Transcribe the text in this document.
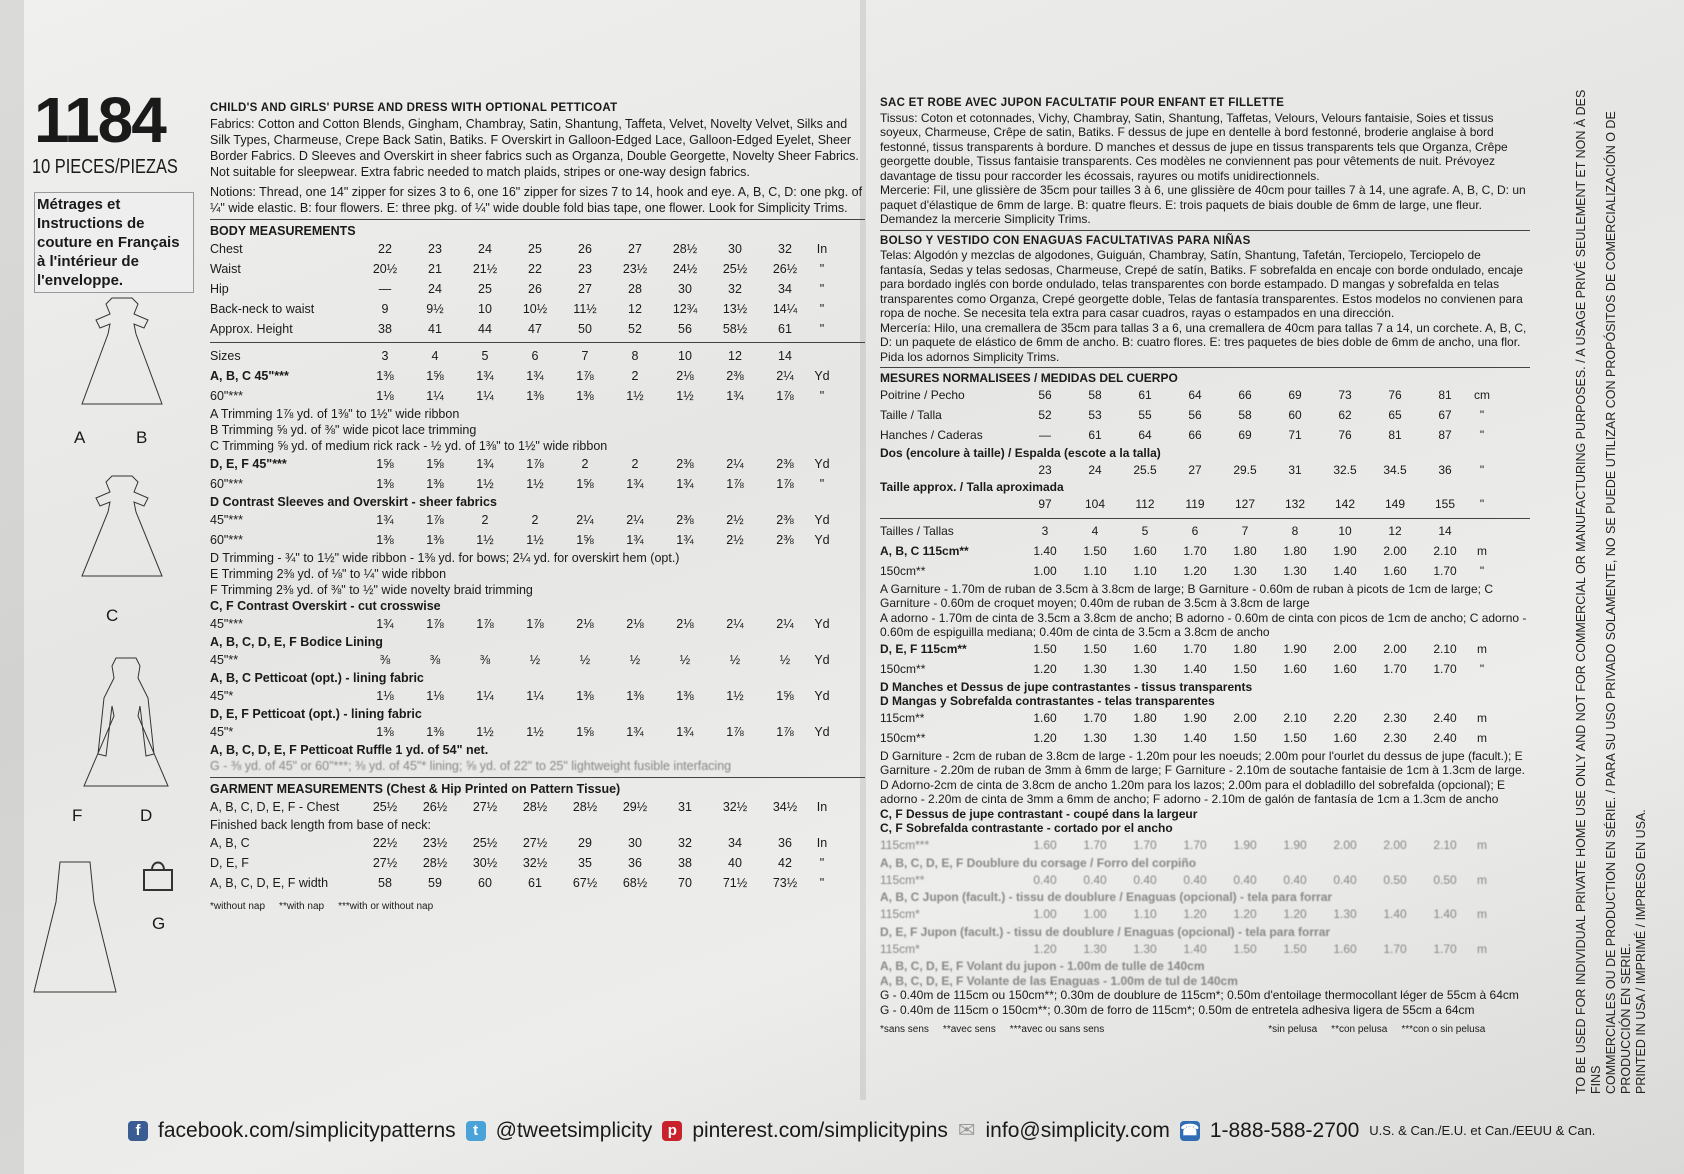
1184
10 PIECES/PIEZAS
Métrages et Instructions de couture en Français à l'intérieur de l'enveloppe.
A	B
C
F	D
G
CHILD'S AND GIRLS' PURSE AND DRESS WITH OPTIONAL PETTICOAT
Fabrics: Cotton and Cotton Blends, Gingham, Chambray, Satin, Shantung, Taffeta, Velvet, Novelty Velvet, Silks and Silk Types, Charmeuse, Crepe Back Satin, Batiks. F Overskirt in Galloon-Edged Lace, Galloon-Edged Eyelet, Sheer Border Fabrics. D Sleeves and Overskirt in sheer fabrics such as Organza, Double Georgette, Novelty Sheer Fabrics. Not suitable for sleepwear. Extra fabric needed to match plaids, stripes or one-way design fabrics.
Notions: Thread, one 14" zipper for sizes 3 to 6, one 16" zipper for sizes 7 to 14, hook and eye. A, B, C, D: one pkg. of ¼" wide elastic. B: four flowers. E: three pkg. of ¼" wide double fold bias tape, one flower. Look for Simplicity Trims.
BODY MEASUREMENTS
Chest	22	23	24	25	26	27	28½	30	32	In
Waist	20½	21	21½	22	23	23½	24½	25½	26½	"
Hip	—	24	25	26	27	28	30	32	34	"
Back-neck to waist	9	9½	10	10½	11½	12	12¾	13½	14¼	"
Approx. Height	38	41	44	47	50	52	56	58½	61	"
Sizes	3	4	5	6	7	8	10	12	14
A, B, C 45"***	1⅜	1⅝	1¾	1¾	1⅞	2	2⅛	2⅜	2¼	Yd
60"***	1⅛	1¼	1¼	1⅜	1⅜	1½	1½	1¾	1⅞	"
A Trimming 1⅞ yd. of 1⅜" to 1½" wide ribbon
B Trimming ⅝ yd. of ⅜" wide picot lace trimming
C Trimming ⅝ yd. of medium rick rack - ½ yd. of 1⅜" to 1½" wide ribbon
D, E, F 45"***	1⅝	1⅝	1¾	1⅞	2	2	2⅜	2¼	2⅜	Yd
60"***	1⅜	1⅜	1½	1½	1⅝	1¾	1¾	1⅞	1⅞	"
D Contrast Sleeves and Overskirt - sheer fabrics
45"***	1¾	1⅞	2	2	2¼	2¼	2⅜	2½	2⅜	Yd
60"***	1⅜	1⅜	1½	1½	1⅝	1¾	1¾	2½	2⅜	Yd
D Trimming - ¾" to 1½" wide ribbon - 1⅜ yd. for bows; 2¼ yd. for overskirt hem (opt.)
E Trimming 2⅜ yd. of ⅛" to ¼" wide ribbon
F Trimming 2⅜ yd. of ⅜" to ½" wide novelty braid trimming
C, F Contrast Overskirt - cut crosswise
45"***	1¾	1⅞	1⅞	1⅞	2⅛	2⅛	2⅛	2¼	2¼	Yd
A, B, C, D, E, F Bodice Lining
45"**	⅜	⅜	⅜	½	½	½	½	½	½	Yd
A, B, C Petticoat (opt.) - lining fabric
45"*	1⅛	1⅛	1¼	1¼	1⅜	1⅜	1⅜	1½	1⅝	Yd
D, E, F Petticoat (opt.) - lining fabric
45"*	1⅜	1⅜	1½	1½	1⅝	1¾	1¾	1⅞	1⅞	Yd
A, B, C, D, E, F Petticoat Ruffle 1 yd. of 54" net.
G - ⅜ yd. of 45" or 60"***; ⅜ yd. of 45"* lining; ⅝ yd. of 22" to 25" lightweight fusible interfacing
GARMENT MEASUREMENTS (Chest & Hip Printed on Pattern Tissue)
A, B, C, D, E, F - Chest	25½	26½	27½	28½	28½	29½	31	32½	34½	In
Finished back length from base of neck:
A, B, C	22½	23½	25½	27½	29	30	32	34	36	In
D, E, F	27½	28½	30½	32½	35	36	38	40	42	"
A, B, C, D, E, F width	58	59	60	61	67½	68½	70	71½	73½	"
*without nap **with nap ***with or without nap
SAC ET ROBE AVEC JUPON FACULTATIF POUR ENFANT ET FILLETTE
Tissus: Coton et cotonnades, Vichy, Chambray, Satin, Shantung, Taffetas, Velours, Velours fantaisie, Soies et tissus soyeux, Charmeuse, Crêpe de satin, Batiks. F dessus de jupe en dentelle à bord festonné, broderie anglaise à bord festonné, tissus transparents à bordure. D manches et dessus de jupe en tissus transparents tels que Organza, Crêpe georgette double, Tissus fantaisie transparents. Ces modèles ne conviennent pas pour vêtements de nuit. Prévoyez davantage de tissu pour raccorder les écossais, rayures ou motifs unidirectionnels.
Mercerie: Fil, une glissière de 35cm pour tailles 3 à 6, une glissière de 40cm pour tailles 7 à 14, une agrafe. A, B, C, D: un paquet d'élastique de 6mm de large. B: quatre fleurs. E: trois paquets de biais double de 6mm de large, une fleur. Demandez la mercerie Simplicity Trims.
BOLSO Y VESTIDO CON ENAGUAS FACULTATIVAS PARA NIÑAS
Telas: Algodón y mezclas de algodones, Guiguán, Chambray, Satín, Shantung, Tafetán, Terciopelo, Terciopelo de fantasía, Sedas y telas sedosas, Charmeuse, Crepé de satín, Batiks. F sobrefalda en encaje con borde ondulado, encaje para bordado inglés con borde ondulado, telas transparentes con borde estampado. D mangas y sobrefalda en telas transparentes como Organza, Crepé georgette doble, Telas de fantasía transparentes. Estos modelos no convienen para ropa de noche. Se necesita tela extra para casar cuadros, rayas o estampados en una dirección.
Mercería: Hilo, una cremallera de 35cm para tallas 3 a 6, una cremallera de 40cm para tallas 7 a 14, un corchete. A, B, C, D: un paquete de elástico de 6mm de ancho. B: cuatro flores. E: tres paquetes de bies doble de 6mm de ancho, una flor. Pida los adornos Simplicity Trims.
MESURES NORMALISEES / MEDIDAS DEL CUERPO
Poitrine / Pecho	56	58	61	64	66	69	73	76	81	cm
Taille / Talla	52	53	55	56	58	60	62	65	67	"
Hanches / Caderas	—	61	64	66	69	71	76	81	87	"
Dos (encolure à taille) / Espalda (escote a la talla)
23	24	25.5	27	29.5	31	32.5	34.5	36	"
Taille approx. / Talla aproximada
97	104	112	119	127	132	142	149	155	"
Tailles / Tallas	3	4	5	6	7	8	10	12	14
A, B, C 115cm**	1.40	1.50	1.60	1.70	1.80	1.80	1.90	2.00	2.10	m
150cm**	1.00	1.10	1.10	1.20	1.30	1.30	1.40	1.60	1.70	"
A Garniture - 1.70m de ruban de 3.5cm à 3.8cm de large; B Garniture - 0.60m de ruban à picots de 1cm de large; C Garniture - 0.60m de croquet moyen; 0.40m de ruban de 3.5cm à 3.8cm de large
A adorno - 1.70m de cinta de 3.5cm a 3.8cm de ancho; B adorno - 0.60m de cinta con picos de 1cm de ancho; C adorno - 0.60m de espiguilla mediana; 0.40m de cinta de 3.5cm a 3.8cm de ancho
D, E, F 115cm**	1.50	1.50	1.60	1.70	1.80	1.90	2.00	2.00	2.10	m
150cm**	1.20	1.30	1.30	1.40	1.50	1.60	1.60	1.70	1.70	"
D Manches et Dessus de jupe contrastantes - tissus transparents
D Mangas y Sobrefalda contrastantes - telas transparentes
115cm**	1.60	1.70	1.80	1.90	2.00	2.10	2.20	2.30	2.40	m
150cm**	1.20	1.30	1.30	1.40	1.50	1.50	1.60	2.30	2.40	m
D Garniture - 2cm de ruban de 3.8cm de large - 1.20m pour les noeuds; 2.00m pour l'ourlet du dessus de jupe (facult.); E Garniture - 2.20m de ruban de 3mm à 6mm de large; F Garniture - 2.10m de soutache fantaisie de 1cm à 1.3cm de large. D Adorno-2cm de cinta de 3.8cm de ancho 1.20m para los lazos; 2.00m para el dobladillo del sobrefalda (opcional); E adorno - 2.20m de cinta de 3mm a 6mm de ancho; F adorno - 2.10m de galón de fantasía de 1cm a 1.3cm de ancho
C, F Dessus de jupe contrastant - coupé dans la largeur
C, F Sobrefalda contrastante - cortado por el ancho
115cm***	1.60	1.70	1.70	1.70	1.90	1.90	2.00	2.00	2.10	m
A, B, C, D, E, F Doublure du corsage / Forro del corpiño
115cm**	0.40	0.40	0.40	0.40	0.40	0.40	0.40	0.50	0.50	m
A, B, C Jupon (facult.) - tissu de doublure / Enaguas (opcional) - tela para forrar
115cm*	1.00	1.00	1.10	1.20	1.20	1.20	1.30	1.40	1.40	m
D, E, F Jupon (facult.) - tissu de doublure / Enaguas (opcional) - tela para forrar
115cm*	1.20	1.30	1.30	1.40	1.50	1.50	1.60	1.70	1.70	m
A, B, C, D, E, F Volant du jupon - 1.00m de tulle de 140cm
A, B, C, D, E, F Volante de las Enaguas - 1.00m de tul de 140cm
G - 0.40m de 115cm ou 150cm**; 0.30m de doublure de 115cm*; 0.50m d'entoilage thermocollant léger de 55cm à 64cm
G - 0.40m de 115cm o 150cm**; 0.30m de forro de 115cm*; 0.50m de entretela adhesiva ligera de 55cm a 64cm
*sans sens **avec sens ***avec ou sans sens	*sin pelusa **con pelusa ***con o sin pelusa	TO BE USED FOR INDIVIDUAL PRIVATE HOME USE ONLY AND NOT FOR COMMERCIAL OR MANUFACTURING PURPOSES. / A USAGE PRIVÉ SEULEMENT ET NON À DES FINS COMMERCIALES OU DE PRODUCTION EN SÉRIE. / PARA SU USO PRIVADO SOLAMENTE, NO SE PUEDE UTILIZAR CON PROPÓSITOS DE COMERCIALIZACIÓN O DE PRODUCCIÓN EN SERIE. PRINTED IN USA / IMPRIMÉ / IMPRESO EN USA.
f facebook.com/simplicitypatterns	t @tweetsimplicity	p pinterest.com/simplicitypins ✉ info@simplicity.com ☎ 1-888-588-2700 U.S. & Can./E.U. et Can./EEUU & Can.
